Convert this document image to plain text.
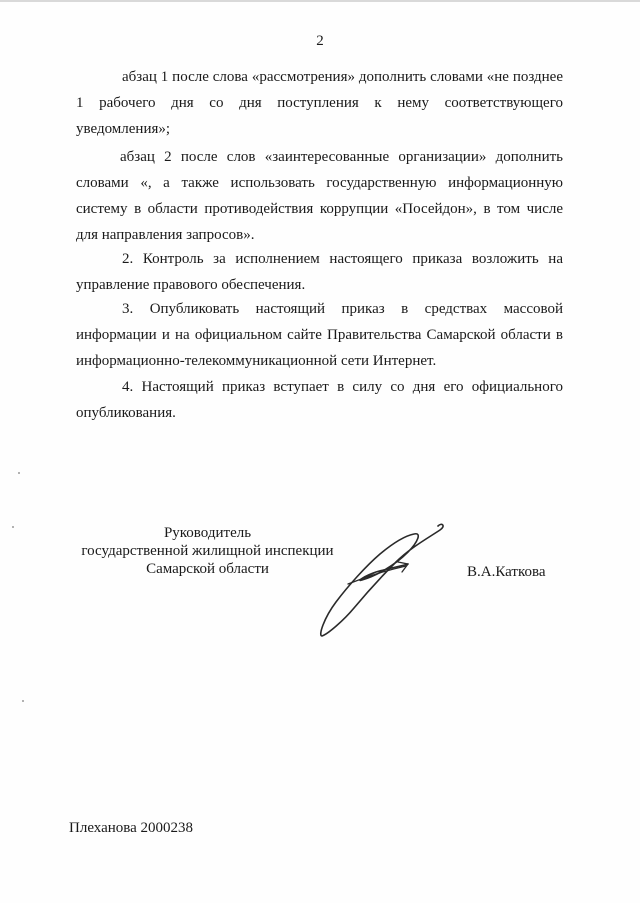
2

абзац 1 после слова «рассмотрения» дополнить словами «не позднее 1 рабочего дня со дня поступления к нему соответствующего уведомления»;

абзац 2 после слов «заинтересованные организации» дополнить словами «, а также использовать государственную информационную систему в области противодействия коррупции «Посейдон», в том числе для направления запросов».

2. Контроль за исполнением настоящего приказа возложить на управление правового обеспечения.

3. Опубликовать настоящий приказ в средствах массовой информации и на официальном сайте Правительства Самарской области в информационно-телекоммуникационной сети Интернет.

4. Настоящий приказ вступает в силу со дня его официального опубликования.

Руководитель
государственной жилищной инспекции
Самарской области	В.А.Каткова
Плеханова 2000238
